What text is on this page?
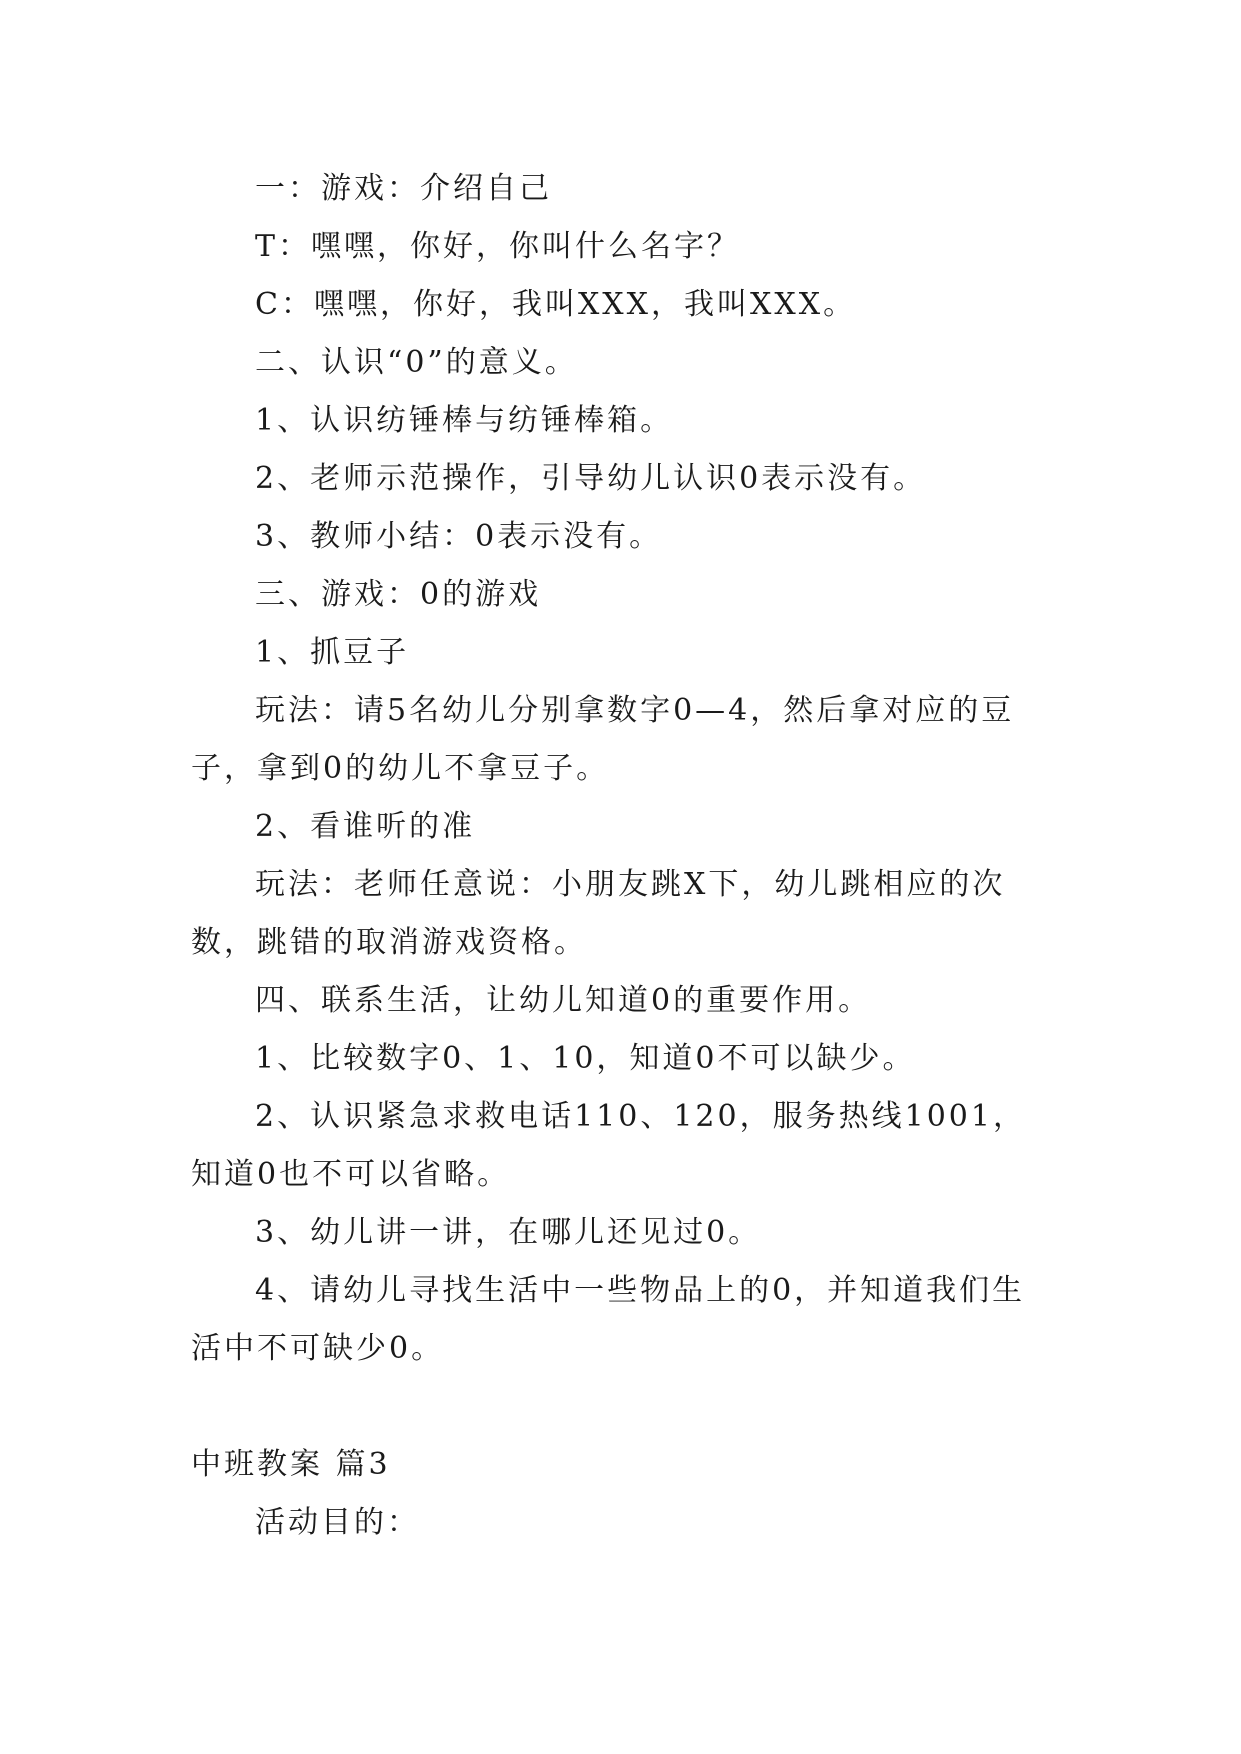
一：游戏：介绍自己

T：嘿嘿，你好，你叫什么名字？

C：嘿嘿，你好，我叫XXX，我叫XXX。

二、认识“0”的意义。

1、认识纺锤棒与纺锤棒箱。

2、老师示范操作，引导幼儿认识0表示没有。

3、教师小结：0表示没有。

三、游戏：0的游戏

1、抓豆子

玩法：请5名幼儿分别拿数字0—4，然后拿对应的豆子，拿到0的幼儿不拿豆子。

2、看谁听的准

玩法：老师任意说：小朋友跳X下，幼儿跳相应的次数，跳错的取消游戏资格。

四、联系生活，让幼儿知道0的重要作用。

1、比较数字0、1、10，知道0不可以缺少。

2、认识紧急求救电话110、120，服务热线1001，知道0也不可以省略。

3、幼儿讲一讲，在哪儿还见过0。

4、请幼儿寻找生活中一些物品上的0，并知道我们生活中不可缺少0。

中班教案 篇3

活动目的：
